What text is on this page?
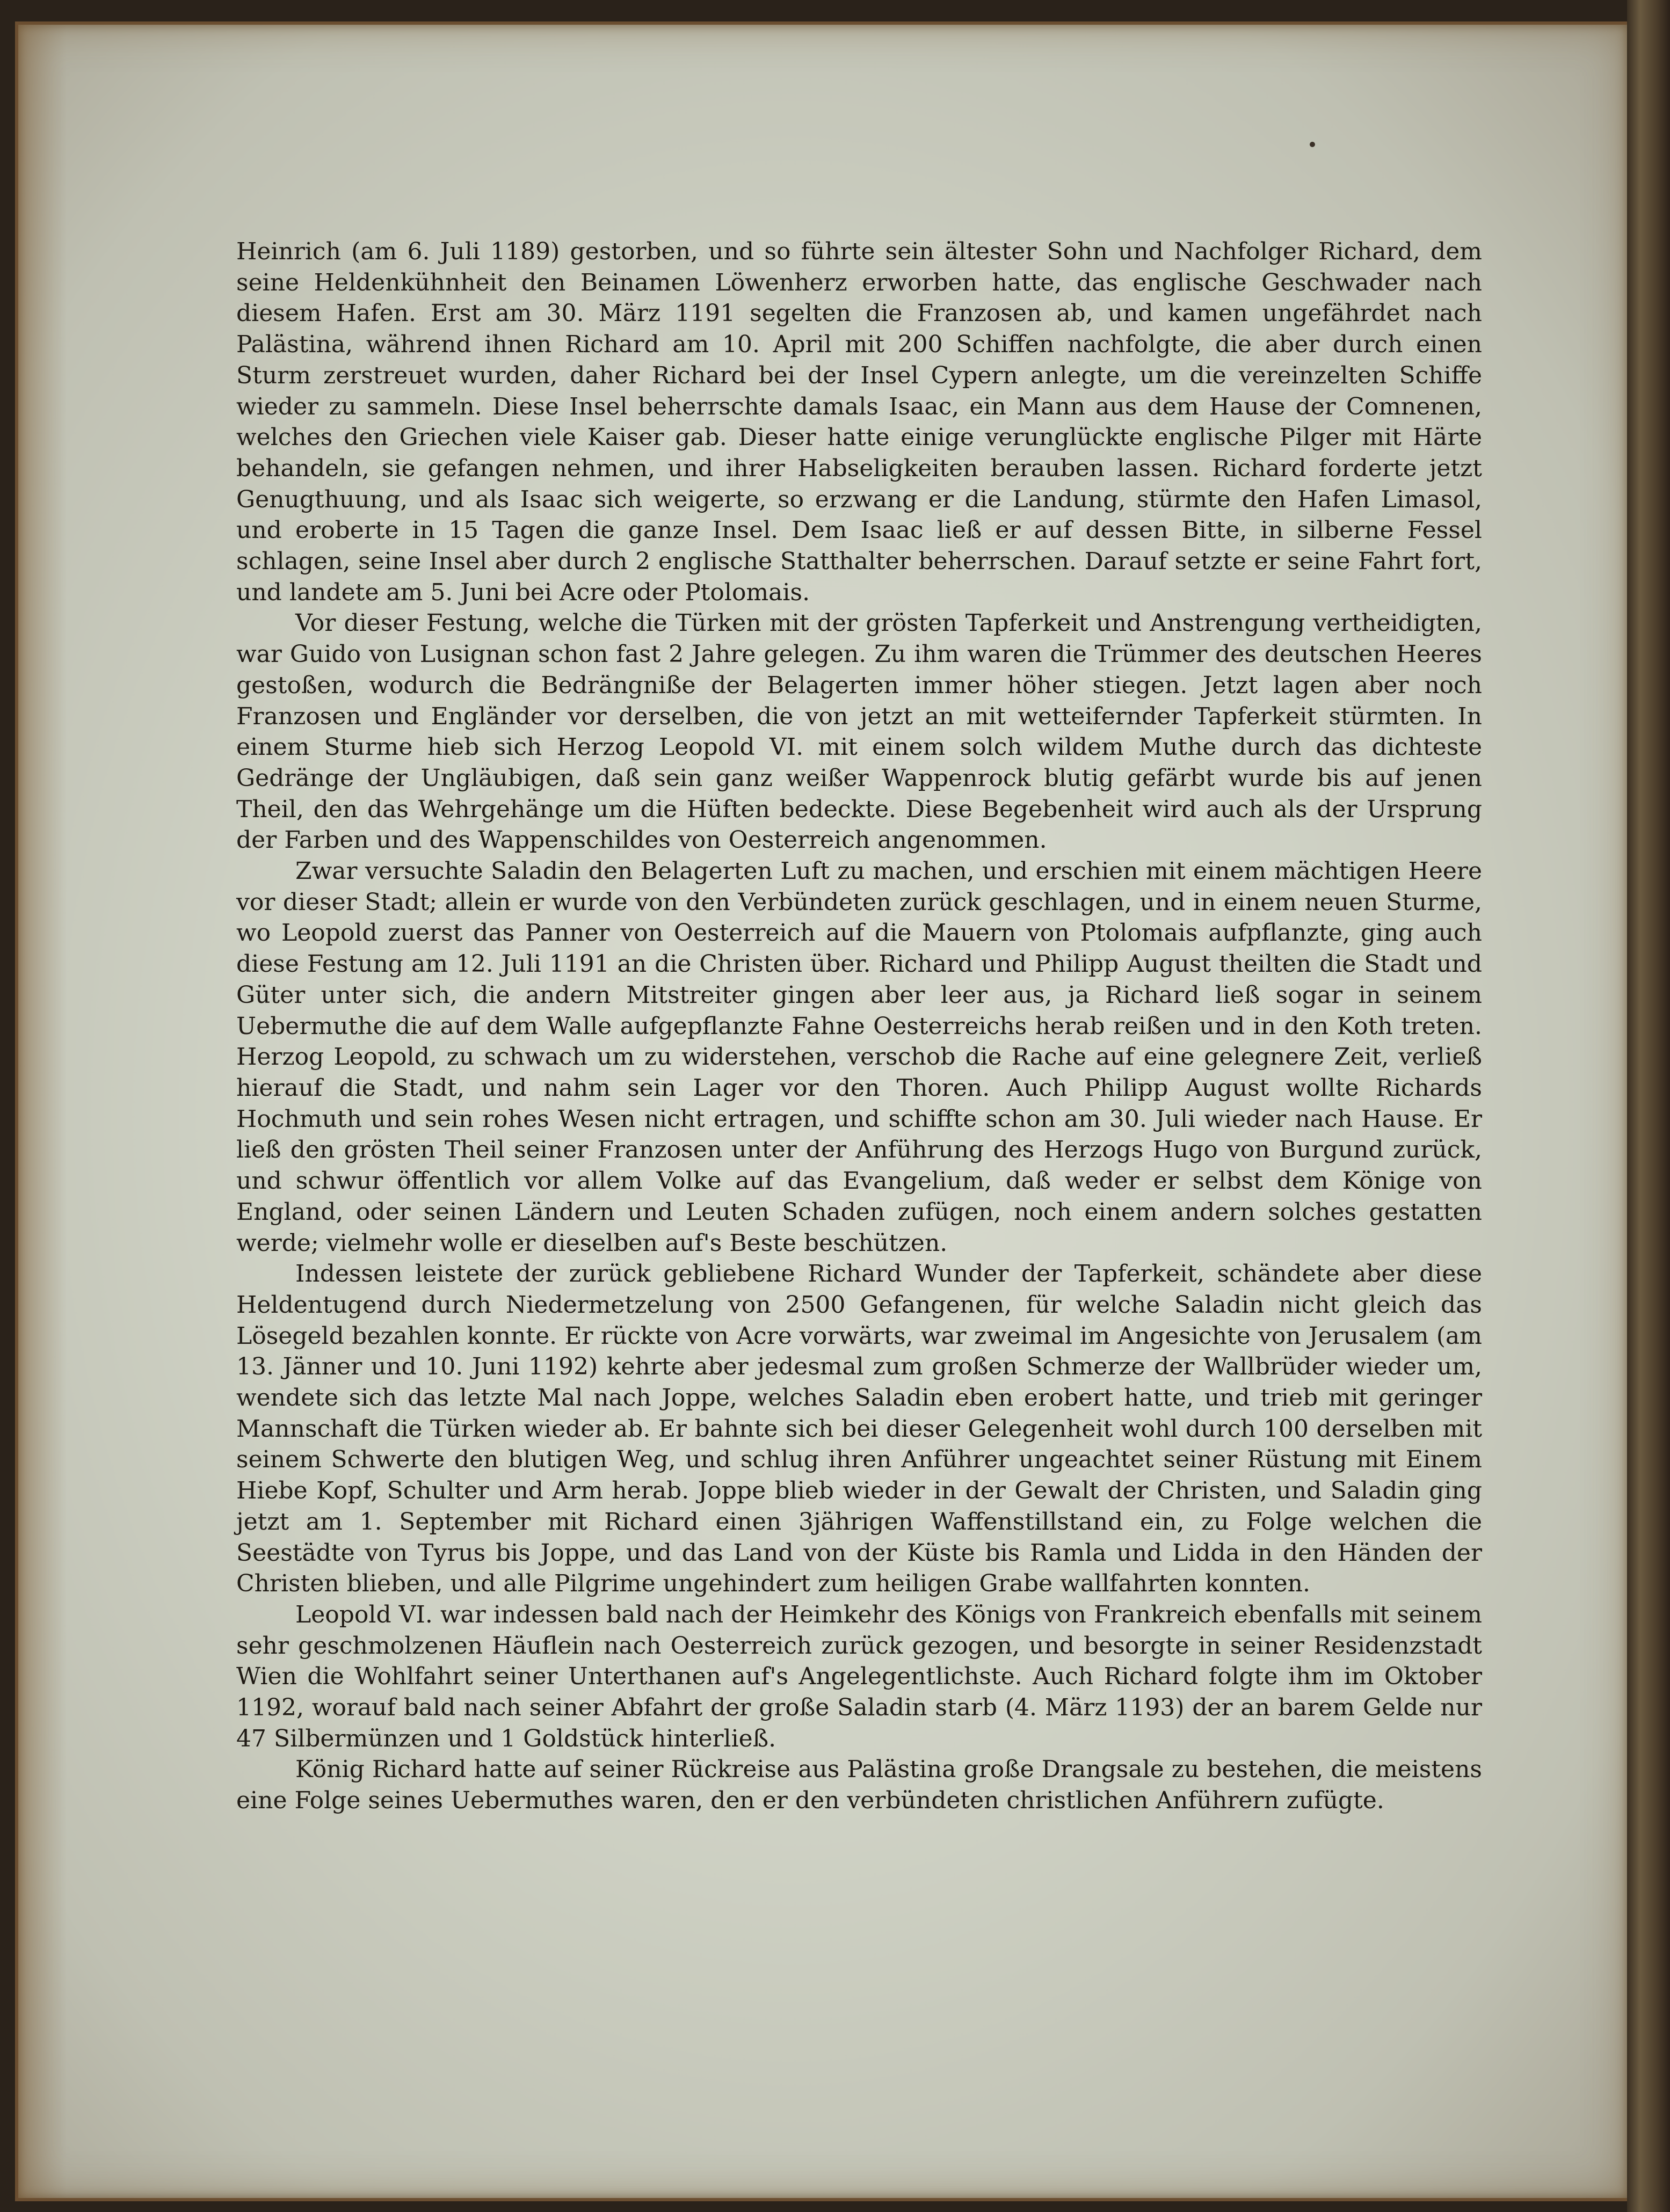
Heinrich (am 6. Juli 1189) gestorben, und so führte sein ältester Sohn und Nachfolger Richard, dem seine Heldenkühnheit den Beinamen Löwenherz erworben hatte, das englische Geschwader nach diesem Hafen. Erst am 30. März 1191 segelten die Franzosen ab, und kamen ungefährdet nach Palästina, während ihnen Richard am 10. April mit 200 Schiffen nachfolgte, die aber durch einen Sturm zerstreuet wurden, daher Richard bei der Insel Cypern anlegte, um die vereinzelten Schiffe wieder zu sammeln. Diese Insel beherrschte damals Isaac, ein Mann aus dem Hause der Comnenen, welches den Griechen viele Kaiser gab. Dieser hatte einige verunglückte englische Pilger mit Härte behandeln, sie gefangen nehmen, und ihrer Habseligkeiten berauben lassen. Richard forderte jetzt Genugthuung, und als Isaac sich weigerte, so erzwang er die Landung, stürmte den Hafen Limasol, und eroberte in 15 Tagen die ganze Insel. Dem Isaac ließ er auf dessen Bitte, in silberne Fessel schlagen, seine Insel aber durch 2 englische Statthalter beherrschen. Darauf setzte er seine Fahrt fort, und landete am 5. Juni bei Acre oder Ptolomais.

Vor dieser Festung, welche die Türken mit der grösten Tapferkeit und Anstrengung vertheidigten, war Guido von Lusignan schon fast 2 Jahre gelegen. Zu ihm waren die Trümmer des deutschen Heeres gestoßen, wodurch die Bedrängniße der Belagerten immer höher stiegen. Jetzt lagen aber noch Franzosen und Engländer vor derselben, die von jetzt an mit wetteifernder Tapferkeit stürmten. In einem Sturme hieb sich Herzog Leopold VI. mit einem solch wildem Muthe durch das dichteste Gedränge der Ungläubigen, daß sein ganz weißer Wappenrock blutig gefärbt wurde bis auf jenen Theil, den das Wehrgehänge um die Hüften bedeckte. Diese Begebenheit wird auch als der Ursprung der Farben und des Wappenschildes von Oesterreich angenommen.

Zwar versuchte Saladin den Belagerten Luft zu machen, und erschien mit einem mächtigen Heere vor dieser Stadt; allein er wurde von den Verbündeten zurück geschlagen, und in einem neuen Sturme, wo Leopold zuerst das Panner von Oesterreich auf die Mauern von Ptolomais aufpflanzte, ging auch diese Festung am 12. Juli 1191 an die Christen über. Richard und Philipp August theilten die Stadt und Güter unter sich, die andern Mitstreiter gingen aber leer aus, ja Richard ließ sogar in seinem Uebermuthe die auf dem Walle aufgepflanzte Fahne Oesterreichs herab reißen und in den Koth treten. Herzog Leopold, zu schwach um zu widerstehen, verschob die Rache auf eine gelegnere Zeit, verließ hierauf die Stadt, und nahm sein Lager vor den Thoren. Auch Philipp August wollte Richards Hochmuth und sein rohes Wesen nicht ertragen, und schiffte schon am 30. Juli wieder nach Hause. Er ließ den grösten Theil seiner Franzosen unter der Anführung des Herzogs Hugo von Burgund zurück, und schwur öffentlich vor allem Volke auf das Evangelium, daß weder er selbst dem Könige von England, oder seinen Ländern und Leuten Schaden zufügen, noch einem andern solches gestatten werde; vielmehr wolle er dieselben auf's Beste beschützen.

Indessen leistete der zurück gebliebene Richard Wunder der Tapferkeit, schändete aber diese Heldentugend durch Niedermetzelung von 2500 Gefangenen, für welche Saladin nicht gleich das Lösegeld bezahlen konnte. Er rückte von Acre vorwärts, war zweimal im Angesichte von Jerusalem (am 13. Jänner und 10. Juni 1192) kehrte aber jedesmal zum großen Schmerze der Wallbrüder wieder um, wendete sich das letzte Mal nach Joppe, welches Saladin eben erobert hatte, und trieb mit geringer Mannschaft die Türken wieder ab. Er bahnte sich bei dieser Gelegenheit wohl durch 100 derselben mit seinem Schwerte den blutigen Weg, und schlug ihren Anführer ungeachtet seiner Rüstung mit Einem Hiebe Kopf, Schulter und Arm herab. Joppe blieb wieder in der Gewalt der Christen, und Saladin ging jetzt am 1. September mit Richard einen 3jährigen Waffenstillstand ein, zu Folge welchen die Seestädte von Tyrus bis Joppe, und das Land von der Küste bis Ramla und Lidda in den Händen der Christen blieben, und alle Pilgrime ungehindert zum heiligen Grabe wallfahrten konnten.

Leopold VI. war indessen bald nach der Heimkehr des Königs von Frankreich ebenfalls mit seinem sehr geschmolzenen Häuflein nach Oesterreich zurück gezogen, und besorgte in seiner Residenzstadt Wien die Wohlfahrt seiner Unterthanen auf's Angelegentlichste. Auch Richard folgte ihm im Oktober 1192, worauf bald nach seiner Abfahrt der große Saladin starb (4. März 1193) der an barem Gelde nur 47 Silbermünzen und 1 Goldstück hinterließ.

König Richard hatte auf seiner Rückreise aus Palästina große Drangsale zu bestehen, die meistens eine Folge seines Uebermuthes waren, den er den verbündeten christlichen Anführern zufügte.
